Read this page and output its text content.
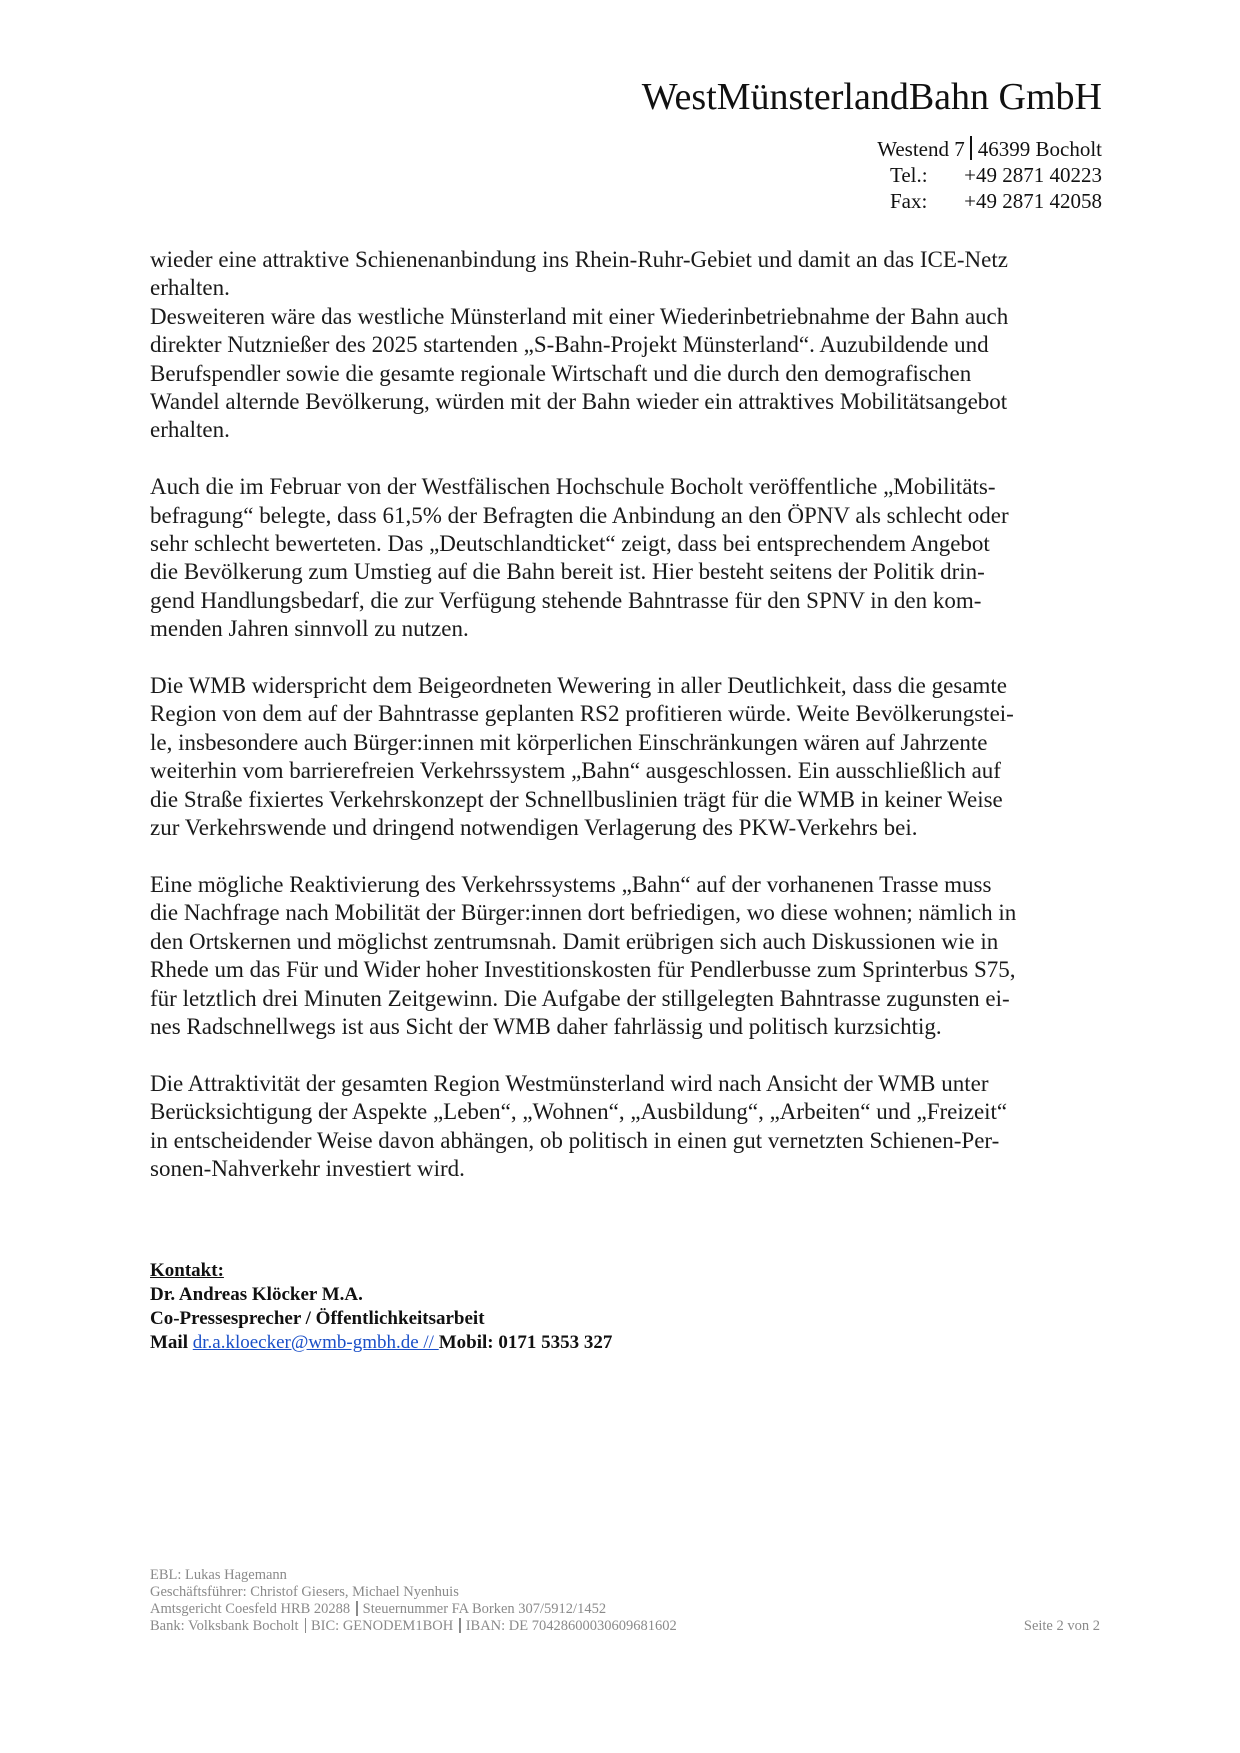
WestMünsterlandBahn GmbH
Westend 7 46399 Bocholt
Tel.: +49 2871 40223
Fax: +49 2871 42058

wieder eine attraktive Schienenanbindung ins Rhein-Ruhr-Gebiet und damit an das ICE-Netz
erhalten.

Desweiteren wäre das westliche Münsterland mit einer Wiederinbetriebnahme der Bahn auch
direkter Nutznießer des 2025 startenden „S-Bahn-Projekt Münsterland“. Auzubildende und
Berufspendler sowie die gesamte regionale Wirtschaft und die durch den demografischen
Wandel alternde Bevölkerung, würden mit der Bahn wieder ein attraktives Mobilitätsangebot
erhalten.

Auch die im Februar von der Westfälischen Hochschule Bocholt veröffentliche „Mobilitäts-
befragung“ belegte, dass 61,5% der Befragten die Anbindung an den ÖPNV als schlecht oder
sehr schlecht bewerteten. Das „Deutschlandticket“ zeigt, dass bei entsprechendem Angebot
die Bevölkerung zum Umstieg auf die Bahn bereit ist. Hier besteht seitens der Politik drin-
gend Handlungsbedarf, die zur Verfügung stehende Bahntrasse für den SPNV in den kom-
menden Jahren sinnvoll zu nutzen.

Die WMB widerspricht dem Beigeordneten Wewering in aller Deutlichkeit, dass die gesamte
Region von dem auf der Bahntrasse geplanten RS2 profitieren würde. Weite Bevölkerungstei-
le, insbesondere auch Bürger:innen mit körperlichen Einschränkungen wären auf Jahrzente
weiterhin vom barrierefreien Verkehrssystem „Bahn“ ausgeschlossen. Ein ausschließlich auf
die Straße fixiertes Verkehrskonzept der Schnellbuslinien trägt für die WMB in keiner Weise
zur Verkehrswende und dringend notwendigen Verlagerung des PKW-Verkehrs bei.

Eine mögliche Reaktivierung des Verkehrssystems „Bahn“ auf der vorhanenen Trasse muss
die Nachfrage nach Mobilität der Bürger:innen dort befriedigen, wo diese wohnen; nämlich in
den Ortskernen und möglichst zentrumsnah. Damit erübrigen sich auch Diskussionen wie in
Rhede um das Für und Wider hoher Investitionskosten für Pendlerbusse zum Sprinterbus S75,
für letztlich drei Minuten Zeitgewinn. Die Aufgabe der stillgelegten Bahntrasse zugunsten ei-
nes Radschnellwegs ist aus Sicht der WMB daher fahrlässig und politisch kurzsichtig.

Die Attraktivität der gesamten Region Westmünsterland wird nach Ansicht der WMB unter
Berücksichtigung der Aspekte „Leben“, „Wohnen“, „Ausbildung“, „Arbeiten“ und „Freizeit“
in entscheidender Weise davon abhängen, ob politisch in einen gut vernetzten Schienen-Per-
sonen-Nahverkehr investiert wird.

Kontakt:
Dr. Andreas Klöcker M.A.
Co-Pressesprecher / Öffentlichkeitsarbeit
Mail dr.a.kloecker@wmb-gmbh.de // Mobil: 0171 5353 327
EBL: Lukas Hagemann
Geschäftsführer: Christof Giesers, Michael Nyenhuis
Amtsgericht Coesfeld HRB 20288 Steuernummer FA Borken 307/5912/1452
Bank: Volksbank Bocholt BIC: GENODEM1BOH IBAN: DE 70428600030609681602	Seite 2 von 2
